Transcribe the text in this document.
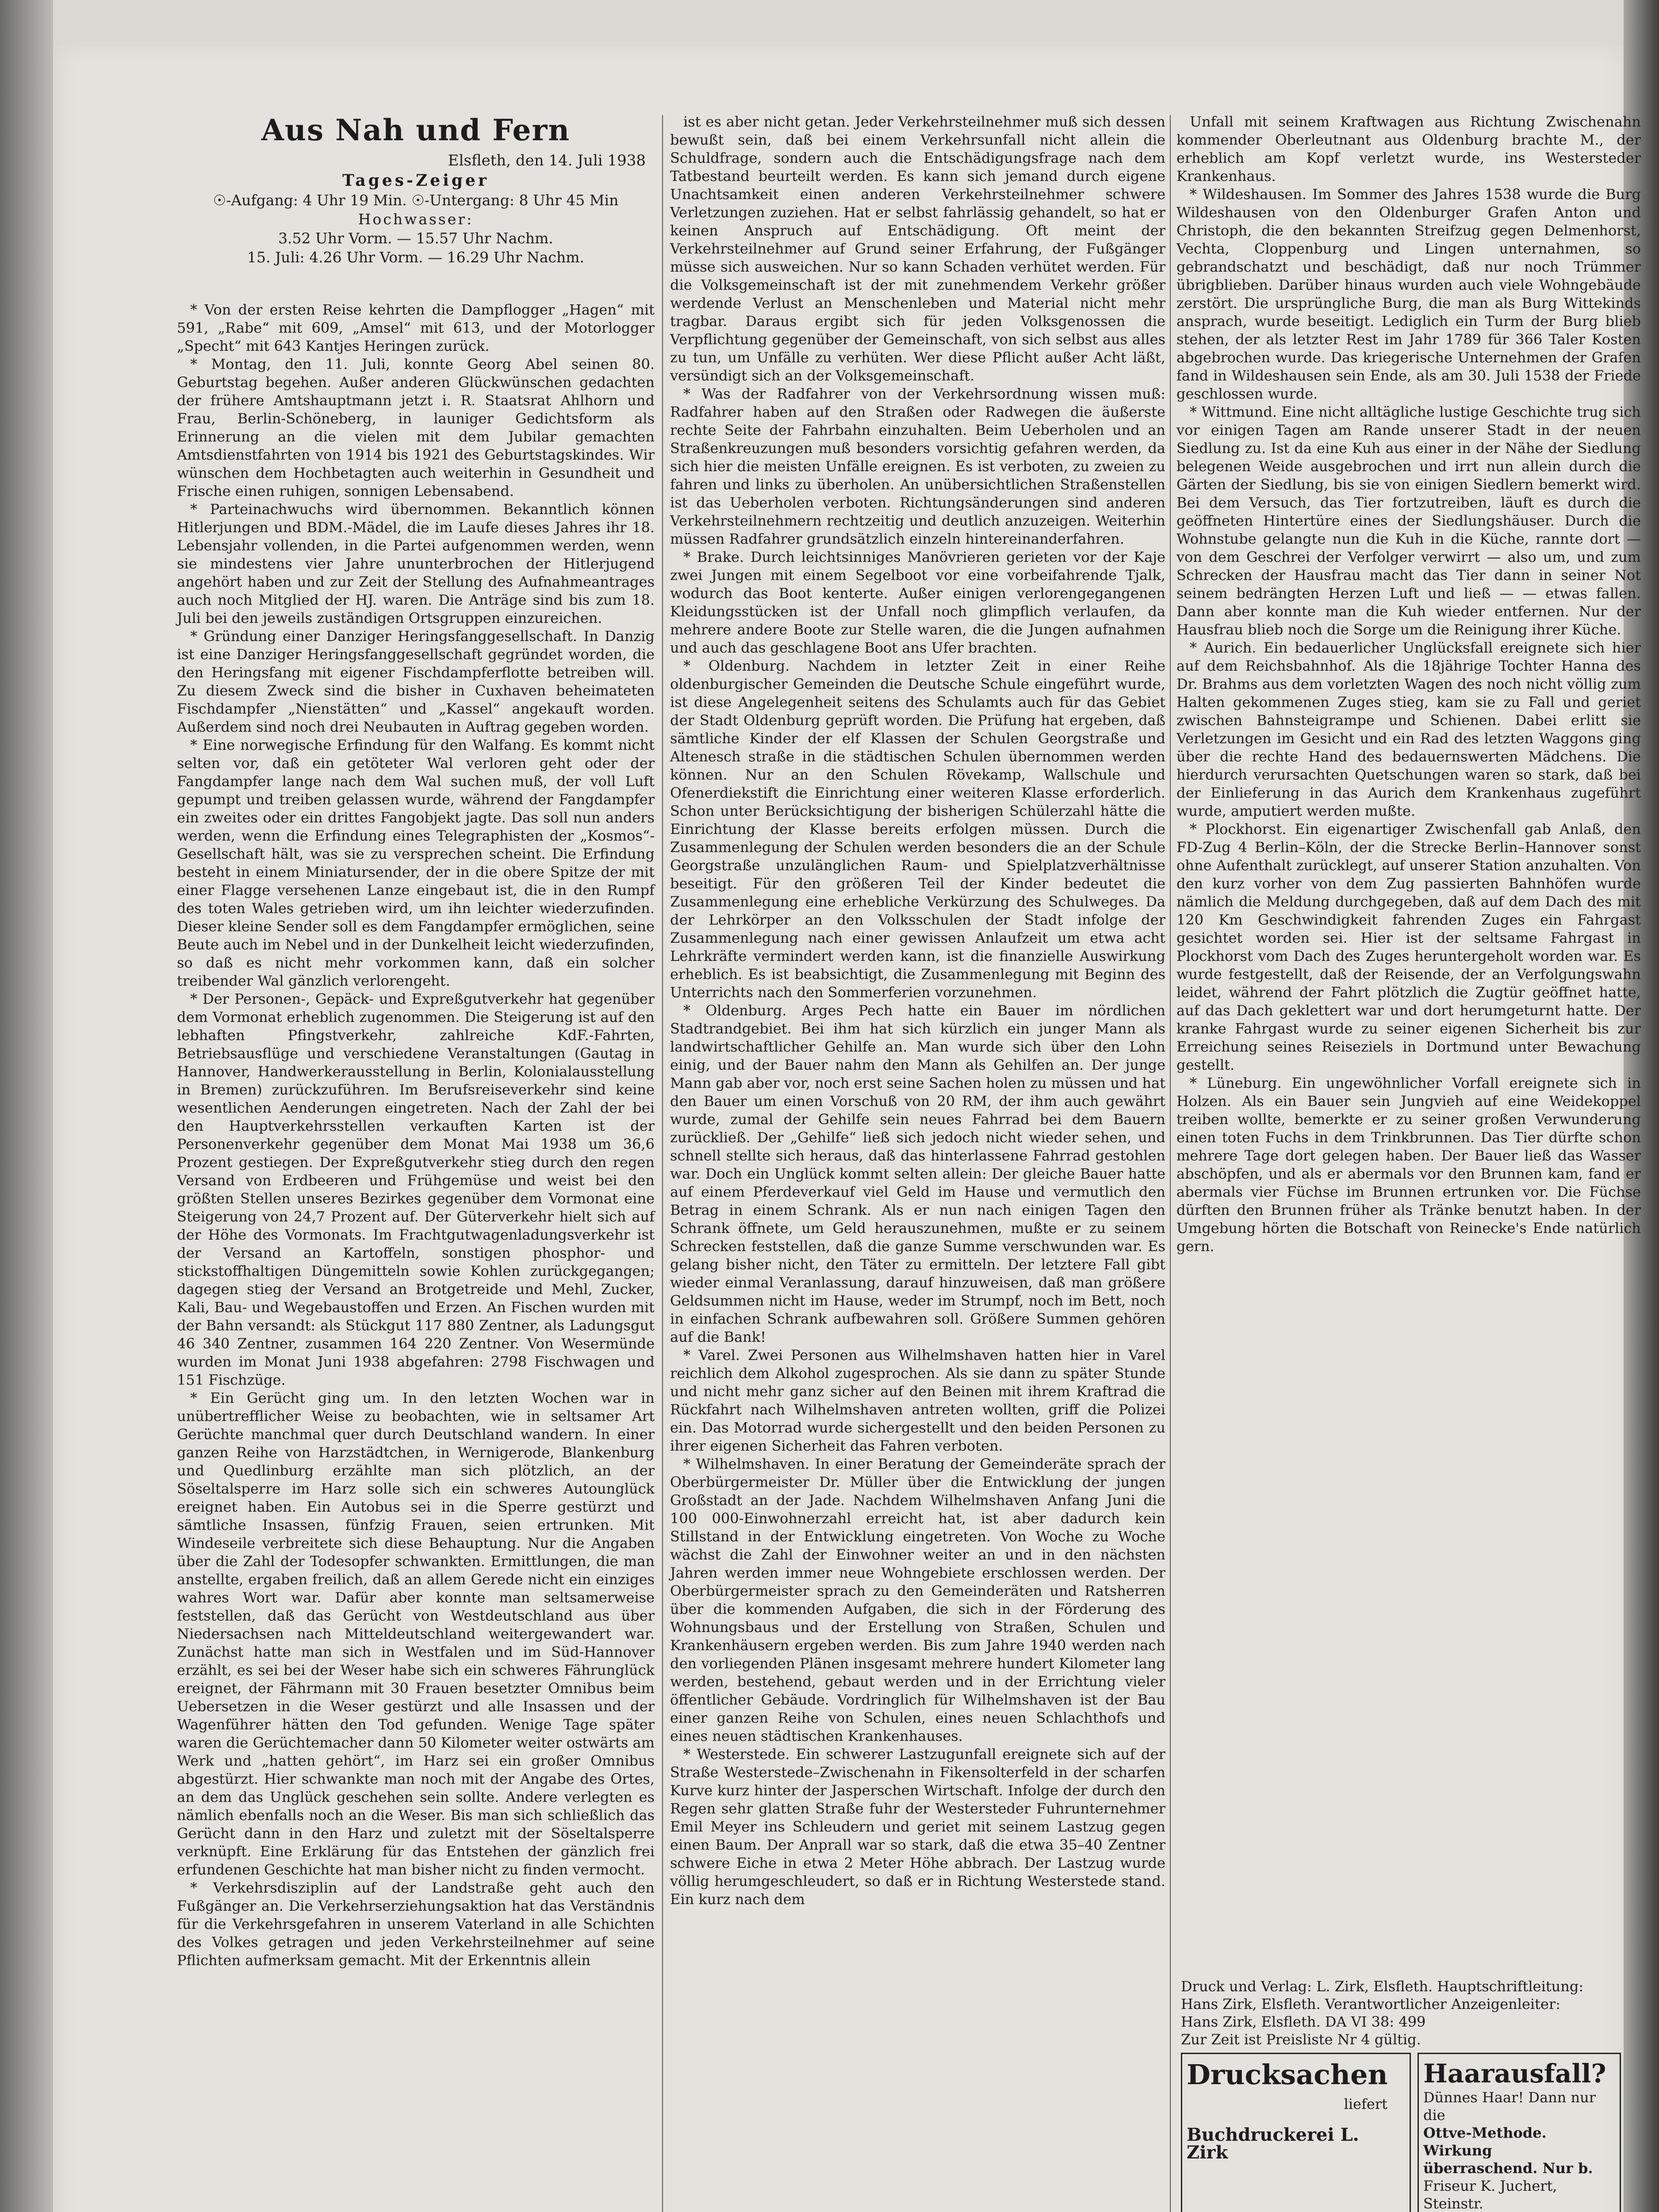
Aus Nah und Fern
Elsfleth, den 14. Juli 1938
Tages-Zeiger
☉-Aufgang: 4 Uhr 19 Min. ☉-Untergang: 8 Uhr 45 Min
Hochwasser:
3.52 Uhr Vorm. — 15.57 Uhr Nachm.
15. Juli: 4.26 Uhr Vorm. — 16.29 Uhr Nachm.

* Von der ersten Reise kehrten die Dampflogger „Hagen“ mit 591, „Rabe“ mit 609, „Amsel“ mit 613, und der Motorlogger „Specht“ mit 643 Kantjes Heringen zurück.

* Montag, den 11. Juli, konnte Georg Abel seinen 80. Geburtstag begehen. Außer anderen Glückwünschen gedachten der frühere Amtshauptmann jetzt i. R. Staatsrat Ahlhorn und Frau, Berlin-Schöneberg, in launiger Gedichtsform als Erinnerung an die vielen mit dem Jubilar gemachten Amtsdienstfahrten von 1914 bis 1921 des Geburtstagskindes. Wir wünschen dem Hochbetagten auch weiterhin in Gesundheit und Frische einen ruhigen, sonnigen Lebensabend.

* Parteinachwuchs wird übernommen. Bekanntlich können Hitlerjungen und BDM.-Mädel, die im Laufe dieses Jahres ihr 18. Lebensjahr vollenden, in die Partei aufgenommen werden, wenn sie mindestens vier Jahre ununterbrochen der Hitlerjugend angehört haben und zur Zeit der Stellung des Aufnahmeantrages auch noch Mitglied der HJ. waren. Die Anträge sind bis zum 18. Juli bei den jeweils zuständigen Ortsgruppen einzureichen.

* Gründung einer Danziger Heringsfanggesellschaft. In Danzig ist eine Danziger Heringsfanggesellschaft gegründet worden, die den Heringsfang mit eigener Fischdampferflotte betreiben will. Zu diesem Zweck sind die bisher in Cuxhaven beheimateten Fischdampfer „Nienstätten“ und „Kassel“ angekauft worden. Außerdem sind noch drei Neubauten in Auftrag gegeben worden.

* Eine norwegische Erfindung für den Walfang. Es kommt nicht selten vor, daß ein getöteter Wal verloren geht oder der Fangdampfer lange nach dem Wal suchen muß, der voll Luft gepumpt und treiben gelassen wurde, während der Fangdampfer ein zweites oder ein drittes Fangobjekt jagte. Das soll nun anders werden, wenn die Erfindung eines Telegraphisten der „Kosmos“-Gesellschaft hält, was sie zu versprechen scheint. Die Erfindung besteht in einem Miniatursender, der in die obere Spitze der mit einer Flagge versehenen Lanze eingebaut ist, die in den Rumpf des toten Wales getrieben wird, um ihn leichter wiederzufinden. Dieser kleine Sender soll es dem Fangdampfer ermöglichen, seine Beute auch im Nebel und in der Dunkelheit leicht wiederzufinden, so daß es nicht mehr vorkommen kann, daß ein solcher treibender Wal gänzlich verlorengeht.

* Der Personen-, Gepäck- und Expreßgutverkehr hat gegenüber dem Vormonat erheblich zugenommen. Die Steigerung ist auf den lebhaften Pfingstverkehr, zahlreiche KdF.-Fahrten, Betriebsausflüge und verschiedene Veranstaltungen (Gautag in Hannover, Handwerkerausstellung in Berlin, Kolonialausstellung in Bremen) zurückzuführen. Im Berufsreiseverkehr sind keine wesentlichen Aenderungen eingetreten. Nach der Zahl der bei den Hauptverkehrsstellen verkauften Karten ist der Personenverkehr gegenüber dem Monat Mai 1938 um 36,6 Prozent gestiegen. Der Expreßgutverkehr stieg durch den regen Versand von Erdbeeren und Frühgemüse und weist bei den größten Stellen unseres Bezirkes gegenüber dem Vormonat eine Steigerung von 24,7 Prozent auf. Der Güterverkehr hielt sich auf der Höhe des Vormonats. Im Frachtgutwagenladungsverkehr ist der Versand an Kartoffeln, sonstigen phosphor- und stickstoffhaltigen Düngemitteln sowie Kohlen zurückgegangen; dagegen stieg der Versand an Brotgetreide und Mehl, Zucker, Kali, Bau- und Wegebaustoffen und Erzen. An Fischen wurden mit der Bahn versandt: als Stückgut 117 880 Zentner, als Ladungsgut 46 340 Zentner, zusammen 164 220 Zentner. Von Wesermünde wurden im Monat Juni 1938 abgefahren: 2798 Fischwagen und 151 Fischzüge.

* Ein Gerücht ging um. In den letzten Wochen war in unübertrefflicher Weise zu beobachten, wie in seltsamer Art Gerüchte manchmal quer durch Deutschland wandern. In einer ganzen Reihe von Harzstädtchen, in Wernigerode, Blankenburg und Quedlinburg erzählte man sich plötzlich, an der Söseltalsperre im Harz solle sich ein schweres Autounglück ereignet haben. Ein Autobus sei in die Sperre gestürzt und sämtliche Insassen, fünfzig Frauen, seien ertrunken. Mit Windeseile verbreitete sich diese Behauptung. Nur die Angaben über die Zahl der Todesopfer schwankten. Ermittlungen, die man anstellte, ergaben freilich, daß an allem Gerede nicht ein einziges wahres Wort war. Dafür aber konnte man seltsamerweise feststellen, daß das Gerücht von Westdeutschland aus über Niedersachsen nach Mitteldeutschland weitergewandert war. Zunächst hatte man sich in Westfalen und im Süd-Hannover erzählt, es sei bei der Weser habe sich ein schweres Fährunglück ereignet, der Fährmann mit 30 Frauen besetzter Omnibus beim Uebersetzen in die Weser gestürzt und alle Insassen und der Wagenführer hätten den Tod gefunden. Wenige Tage später waren die Gerüchtemacher dann 50 Kilometer weiter ostwärts am Werk und „hatten gehört“, im Harz sei ein großer Omnibus abgestürzt. Hier schwankte man noch mit der Angabe des Ortes, an dem das Unglück geschehen sein sollte. Andere verlegten es nämlich ebenfalls noch an die Weser. Bis man sich schließlich das Gerücht dann in den Harz und zuletzt mit der Söseltalsperre verknüpft. Eine Erklärung für das Entstehen der gänzlich frei erfundenen Geschichte hat man bisher nicht zu finden vermocht.

* Verkehrsdisziplin auf der Landstraße geht auch den Fußgänger an. Die Verkehrserziehungsaktion hat das Verständnis für die Verkehrsgefahren in unserem Vaterland in alle Schichten des Volkes getragen und jeden Verkehrsteilnehmer auf seine Pflichten aufmerksam gemacht. Mit der Erkenntnis allein

ist es aber nicht getan. Jeder Verkehrsteilnehmer muß sich dessen bewußt sein, daß bei einem Verkehrsunfall nicht allein die Schuldfrage, sondern auch die Entschädigungsfrage nach dem Tatbestand beurteilt werden. Es kann sich jemand durch eigene Unachtsamkeit einen anderen Verkehrsteilnehmer schwere Verletzungen zuziehen. Hat er selbst fahrlässig gehandelt, so hat er keinen Anspruch auf Entschädigung. Oft meint der Verkehrsteilnehmer auf Grund seiner Erfahrung, der Fußgänger müsse sich ausweichen. Nur so kann Schaden verhütet werden. Für die Volksgemeinschaft ist der mit zunehmendem Verkehr größer werdende Verlust an Menschenleben und Material nicht mehr tragbar. Daraus ergibt sich für jeden Volksgenossen die Verpflichtung gegenüber der Gemeinschaft, von sich selbst aus alles zu tun, um Unfälle zu verhüten. Wer diese Pflicht außer Acht läßt, versündigt sich an der Volksgemeinschaft.

* Was der Radfahrer von der Verkehrsordnung wissen muß: Radfahrer haben auf den Straßen oder Radwegen die äußerste rechte Seite der Fahrbahn einzuhalten. Beim Ueberholen und an Straßenkreuzungen muß besonders vorsichtig gefahren werden, da sich hier die meisten Unfälle ereignen. Es ist verboten, zu zweien zu fahren und links zu überholen. An unübersichtlichen Straßenstellen ist das Ueberholen verboten. Richtungsänderungen sind anderen Verkehrsteilnehmern rechtzeitig und deutlich anzuzeigen. Weiterhin müssen Radfahrer grundsätzlich einzeln hintereinanderfahren.

* Brake. Durch leichtsinniges Manövrieren gerieten vor der Kaje zwei Jungen mit einem Segelboot vor eine vorbeifahrende Tjalk, wodurch das Boot kenterte. Außer einigen verlorengegangenen Kleidungsstücken ist der Unfall noch glimpflich verlaufen, da mehrere andere Boote zur Stelle waren, die die Jungen aufnahmen und auch das geschlagene Boot ans Ufer brachten.

* Oldenburg. Nachdem in letzter Zeit in einer Reihe oldenburgischer Gemeinden die Deutsche Schule eingeführt wurde, ist diese Angelegenheit seitens des Schulamts auch für das Gebiet der Stadt Oldenburg geprüft worden. Die Prüfung hat ergeben, daß sämtliche Kinder der elf Klassen der Schulen Georgstraße und Altenesch straße in die städtischen Schulen übernommen werden können. Nur an den Schulen Rövekamp, Wallschule und Ofenerdiekstift die Einrichtung einer weiteren Klasse erforderlich. Schon unter Berücksichtigung der bisherigen Schülerzahl hätte die Einrichtung der Klasse bereits erfolgen müssen. Durch die Zusammenlegung der Schulen werden besonders die an der Schule Georgstraße unzulänglichen Raum- und Spielplatzverhältnisse beseitigt. Für den größeren Teil der Kinder bedeutet die Zusammenlegung eine erhebliche Verkürzung des Schulweges. Da der Lehrkörper an den Volksschulen der Stadt infolge der Zusammenlegung nach einer gewissen Anlaufzeit um etwa acht Lehrkräfte vermindert werden kann, ist die finanzielle Auswirkung erheblich. Es ist beabsichtigt, die Zusammenlegung mit Beginn des Unterrichts nach den Sommerferien vorzunehmen.

* Oldenburg. Arges Pech hatte ein Bauer im nördlichen Stadtrandgebiet. Bei ihm hat sich kürzlich ein junger Mann als landwirtschaftlicher Gehilfe an. Man wurde sich über den Lohn einig, und der Bauer nahm den Mann als Gehilfen an. Der junge Mann gab aber vor, noch erst seine Sachen holen zu müssen und hat den Bauer um einen Vorschuß von 20 RM, der ihm auch gewährt wurde, zumal der Gehilfe sein neues Fahrrad bei dem Bauern zurückließ. Der „Gehilfe“ ließ sich jedoch nicht wieder sehen, und schnell stellte sich heraus, daß das hinterlassene Fahrrad gestohlen war. Doch ein Unglück kommt selten allein: Der gleiche Bauer hatte auf einem Pferdeverkauf viel Geld im Hause und vermutlich den Betrag in einem Schrank. Als er nun nach einigen Tagen den Schrank öffnete, um Geld herauszunehmen, mußte er zu seinem Schrecken feststellen, daß die ganze Summe verschwunden war. Es gelang bisher nicht, den Täter zu ermitteln. Der letztere Fall gibt wieder einmal Veranlassung, darauf hinzuweisen, daß man größere Geldsummen nicht im Hause, weder im Strumpf, noch im Bett, noch in einfachen Schrank aufbewahren soll. Größere Summen gehören auf die Bank!

* Varel. Zwei Personen aus Wilhelmshaven hatten hier in Varel reichlich dem Alkohol zugesprochen. Als sie dann zu später Stunde und nicht mehr ganz sicher auf den Beinen mit ihrem Kraftrad die Rückfahrt nach Wilhelmshaven antreten wollten, griff die Polizei ein. Das Motorrad wurde sichergestellt und den beiden Personen zu ihrer eigenen Sicherheit das Fahren verboten.

* Wilhelmshaven. In einer Beratung der Gemeinderäte sprach der Oberbürgermeister Dr. Müller über die Entwicklung der jungen Großstadt an der Jade. Nachdem Wilhelmshaven Anfang Juni die 100 000-Einwohnerzahl erreicht hat, ist aber dadurch kein Stillstand in der Entwicklung eingetreten. Von Woche zu Woche wächst die Zahl der Einwohner weiter an und in den nächsten Jahren werden immer neue Wohngebiete erschlossen werden. Der Oberbürgermeister sprach zu den Gemeinderäten und Ratsherren über die kommenden Aufgaben, die sich in der Förderung des Wohnungsbaus und der Erstellung von Straßen, Schulen und Krankenhäusern ergeben werden. Bis zum Jahre 1940 werden nach den vorliegenden Plänen insgesamt mehrere hundert Kilometer lang werden, bestehend, gebaut werden und in der Errichtung vieler öffentlicher Gebäude. Vordringlich für Wilhelmshaven ist der Bau einer ganzen Reihe von Schulen, eines neuen Schlachthofs und eines neuen städtischen Krankenhauses.

* Westerstede. Ein schwerer Lastzugunfall ereignete sich auf der Straße Westerstede–Zwischenahn in Fikensolterfeld in der scharfen Kurve kurz hinter der Jasperschen Wirtschaft. Infolge der durch den Regen sehr glatten Straße fuhr der Westersteder Fuhrunternehmer Emil Meyer ins Schleudern und geriet mit seinem Lastzug gegen einen Baum. Der Anprall war so stark, daß die etwa 35–40 Zentner schwere Eiche in etwa 2 Meter Höhe abbrach. Der Lastzug wurde völlig herumgeschleudert, so daß er in Richtung Westerstede stand. Ein kurz nach dem

Unfall mit seinem Kraftwagen aus Richtung Zwischenahn kommender Oberleutnant aus Oldenburg brachte M., der erheblich am Kopf verletzt wurde, ins Westersteder Krankenhaus.

* Wildeshausen. Im Sommer des Jahres 1538 wurde die Burg Wildeshausen von den Oldenburger Grafen Anton und Christoph, die den bekannten Streifzug gegen Delmenhorst, Vechta, Cloppenburg und Lingen unternahmen, so gebrandschatzt und beschädigt, daß nur noch Trümmer übrigblieben. Darüber hinaus wurden auch viele Wohngebäude zerstört. Die ursprüngliche Burg, die man als Burg Wittekinds ansprach, wurde beseitigt. Lediglich ein Turm der Burg blieb stehen, der als letzter Rest im Jahr 1789 für 366 Taler Kosten abgebrochen wurde. Das kriegerische Unternehmen der Grafen fand in Wildeshausen sein Ende, als am 30. Juli 1538 der Friede geschlossen wurde.

* Wittmund. Eine nicht alltägliche lustige Geschichte trug sich vor einigen Tagen am Rande unserer Stadt in der neuen Siedlung zu. Ist da eine Kuh aus einer in der Nähe der Siedlung belegenen Weide ausgebrochen und irrt nun allein durch die Gärten der Siedlung, bis sie von einigen Siedlern bemerkt wird. Bei dem Versuch, das Tier fortzutreiben, läuft es durch die geöffneten Hintertüre eines der Siedlungshäuser. Durch die Wohnstube gelangte nun die Kuh in die Küche, rannte dort — von dem Geschrei der Verfolger verwirrt — also um, und zum Schrecken der Hausfrau macht das Tier dann in seiner Not seinem bedrängten Herzen Luft und ließ — — etwas fallen. Dann aber konnte man die Kuh wieder entfernen. Nur der Hausfrau blieb noch die Sorge um die Reinigung ihrer Küche.

* Aurich. Ein bedauerlicher Unglücksfall ereignete sich hier auf dem Reichsbahnhof. Als die 18jährige Tochter Hanna des Dr. Brahms aus dem vorletzten Wagen des noch nicht völlig zum Halten gekommenen Zuges stieg, kam sie zu Fall und geriet zwischen Bahnsteigrampe und Schienen. Dabei erlitt sie Verletzungen im Gesicht und ein Rad des letzten Waggons ging über die rechte Hand des bedauernswerten Mädchens. Die hierdurch verursachten Quetschungen waren so stark, daß bei der Einlieferung in das Aurich dem Krankenhaus zugeführt wurde, amputiert werden mußte.

* Plockhorst. Ein eigenartiger Zwischenfall gab Anlaß, den FD-Zug 4 Berlin–Köln, der die Strecke Berlin–Hannover sonst ohne Aufenthalt zurücklegt, auf unserer Station anzuhalten. Von den kurz vorher von dem Zug passierten Bahnhöfen wurde nämlich die Meldung durchgegeben, daß auf dem Dach des mit 120 Km Geschwindigkeit fahrenden Zuges ein Fahrgast gesichtet worden sei. Hier ist der seltsame Fahrgast in Plockhorst vom Dach des Zuges heruntergeholt worden war. Es wurde festgestellt, daß der Reisende, der an Verfolgungswahn leidet, während der Fahrt plötzlich die Zugtür geöffnet hatte, auf das Dach geklettert war und dort herumgeturnt hatte. Der kranke Fahrgast wurde zu seiner eigenen Sicherheit bis zur Erreichung seines Reiseziels in Dortmund unter Bewachung gestellt.

* Lüneburg. Ein ungewöhnlicher Vorfall ereignete sich in Holzen. Als ein Bauer sein Jungvieh auf eine Weidekoppel treiben wollte, bemerkte er zu seiner großen Verwunderung einen toten Fuchs in dem Trinkbrunnen. Das Tier dürfte schon mehrere Tage dort gelegen haben. Der Bauer ließ das Wasser abschöpfen, und als er abermals vor den Brunnen kam, fand er abermals vier Füchse im Brunnen ertrunken vor. Die Füchse dürften den Brunnen früher als Tränke benutzt haben. In der Umgebung hörten die Botschaft von Reinecke's Ende natürlich gern.

Druck und Verlag: L. Zirk, Elsfleth. Hauptschriftleitung:
Hans Zirk, Elsfleth. Verantwortlicher Anzeigenleiter:
Hans Zirk, Elsfleth. DA VI 38: 499
Zur Zeit ist Preisliste Nr 4 gültig.
Drucksachen
liefert
Buchdruckerei L. Zirk
Haarausfall?
Dünnes Haar! Dann nur die
Ottve-Methode. Wirkung
überraschend. Nur b.
Friseur K. Juchert, Steinstr.
